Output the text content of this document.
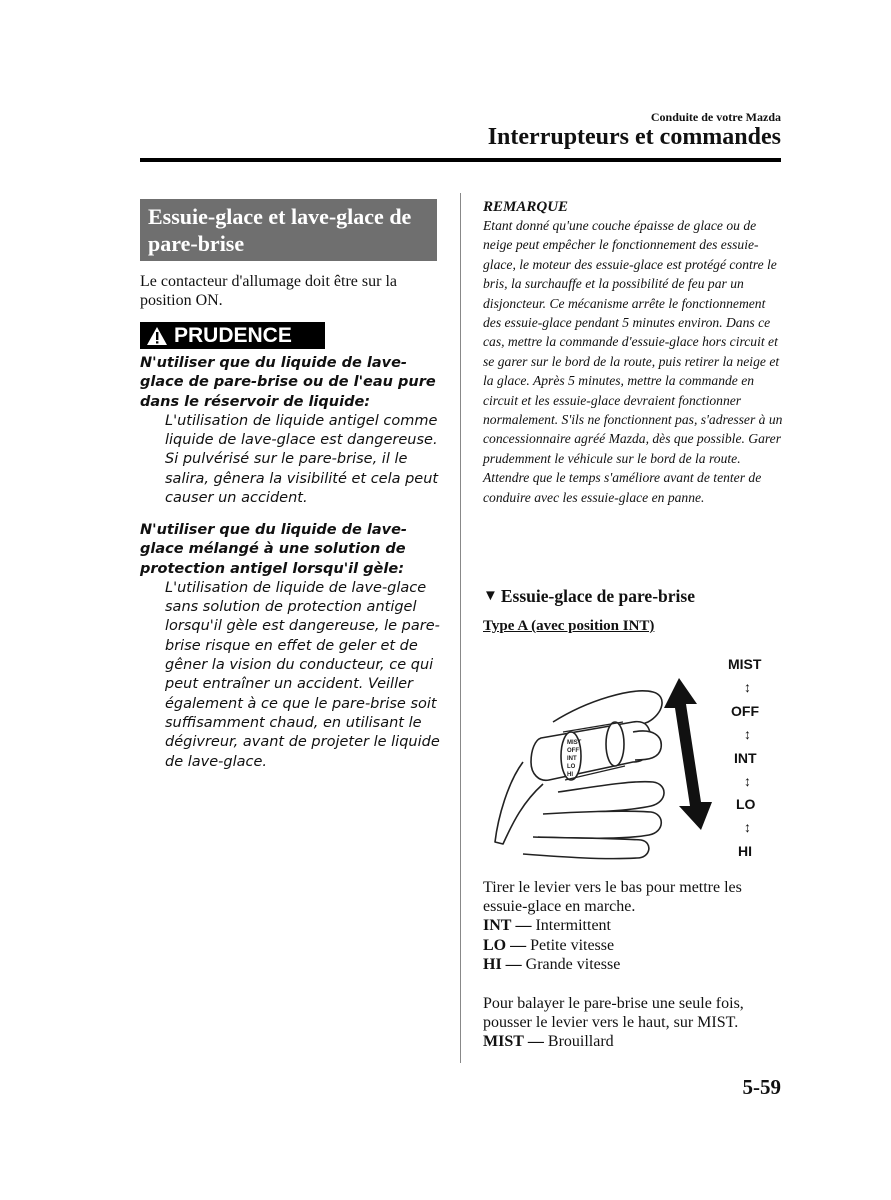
Conduite de votre Mazda
Interrupteurs et commandes
Essuie-glace et lave-glace de pare-brise
Le contacteur d'allumage doit être sur la position ON.
PRUDENCE
N'utiliser que du liquide de lave-glace de pare-brise ou de l'eau pure dans le réservoir de liquide:
L'utilisation de liquide antigel comme liquide de lave-glace est dangereuse. Si pulvérisé sur le pare-brise, il le salira, gênera la visibilité et cela peut causer un accident.
N'utiliser que du liquide de lave-glace mélangé à une solution de protection antigel lorsqu'il gèle:
L'utilisation de liquide de lave-glace sans solution de protection antigel lorsqu'il gèle est dangereuse, le pare-brise risque en effet de geler et de gêner la vision du conducteur, ce qui peut entraîner un accident. Veiller également à ce que le pare-brise soit suffisamment chaud, en utilisant le dégivreur, avant de projeter le liquide de lave-glace.
REMARQUE
Etant donné qu'une couche épaisse de glace ou de neige peut empêcher le fonctionnement des essuie-glace, le moteur des essuie-glace est protégé contre le bris, la surchauffe et la possibilité de feu par un disjoncteur. Ce mécanisme arrête le fonctionnement des essuie-glace pendant 5 minutes environ. Dans ce cas, mettre la commande d'essuie-glace hors circuit et se garer sur le bord de la route, puis retirer la neige et la glace. Après 5 minutes, mettre la commande en circuit et les essuie-glace devraient fonctionner normalement. S'ils ne fonctionnent pas, s'adresser à un concessionnaire agréé Mazda, dès que possible. Garer prudemment le véhicule sur le bord de la route. Attendre que le temps s'améliore avant de tenter de conduire avec les essuie-glace en panne.
▼ Essuie-glace de pare-brise
Type A (avec position INT)
MIST
OFF
INT
LO
HI
MIST
↕
OFF
↕
INT
↕
LO
↕
HI
Tirer le levier vers le bas pour mettre les essuie-glace en marche.
INT — Intermittent
LO — Petite vitesse
HI — Grande vitesse
Pour balayer le pare-brise une seule fois, pousser le levier vers le haut, sur MIST.
MIST — Brouillard
5-59
